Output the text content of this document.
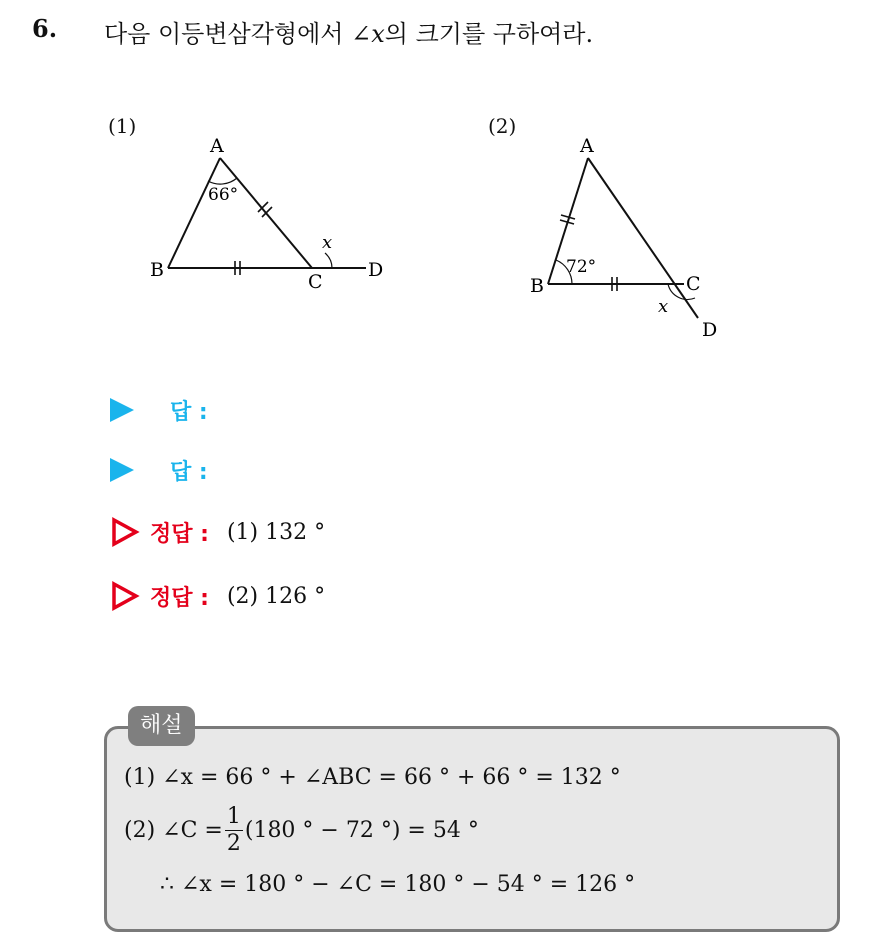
6. 다음 이등변삼각형에서 ∠x의 크기를 구하여라.
(1)
A
B
C
D
66°
x
(2)
A
B	C
D
72°
x
답 :
답 :
정답 : (1) 132 °
정답 : (2) 126 °
해설
(1) ∠x = 66 ° + ∠ABC = 66 ° + 66 ° = 132 °
(2) ∠C = $\frac{1}{2} (180$ ° − 72 °) = 54 °
∴ ∠x = 180 ° − ∠C = 180 ° − 54 ° = 126 °
